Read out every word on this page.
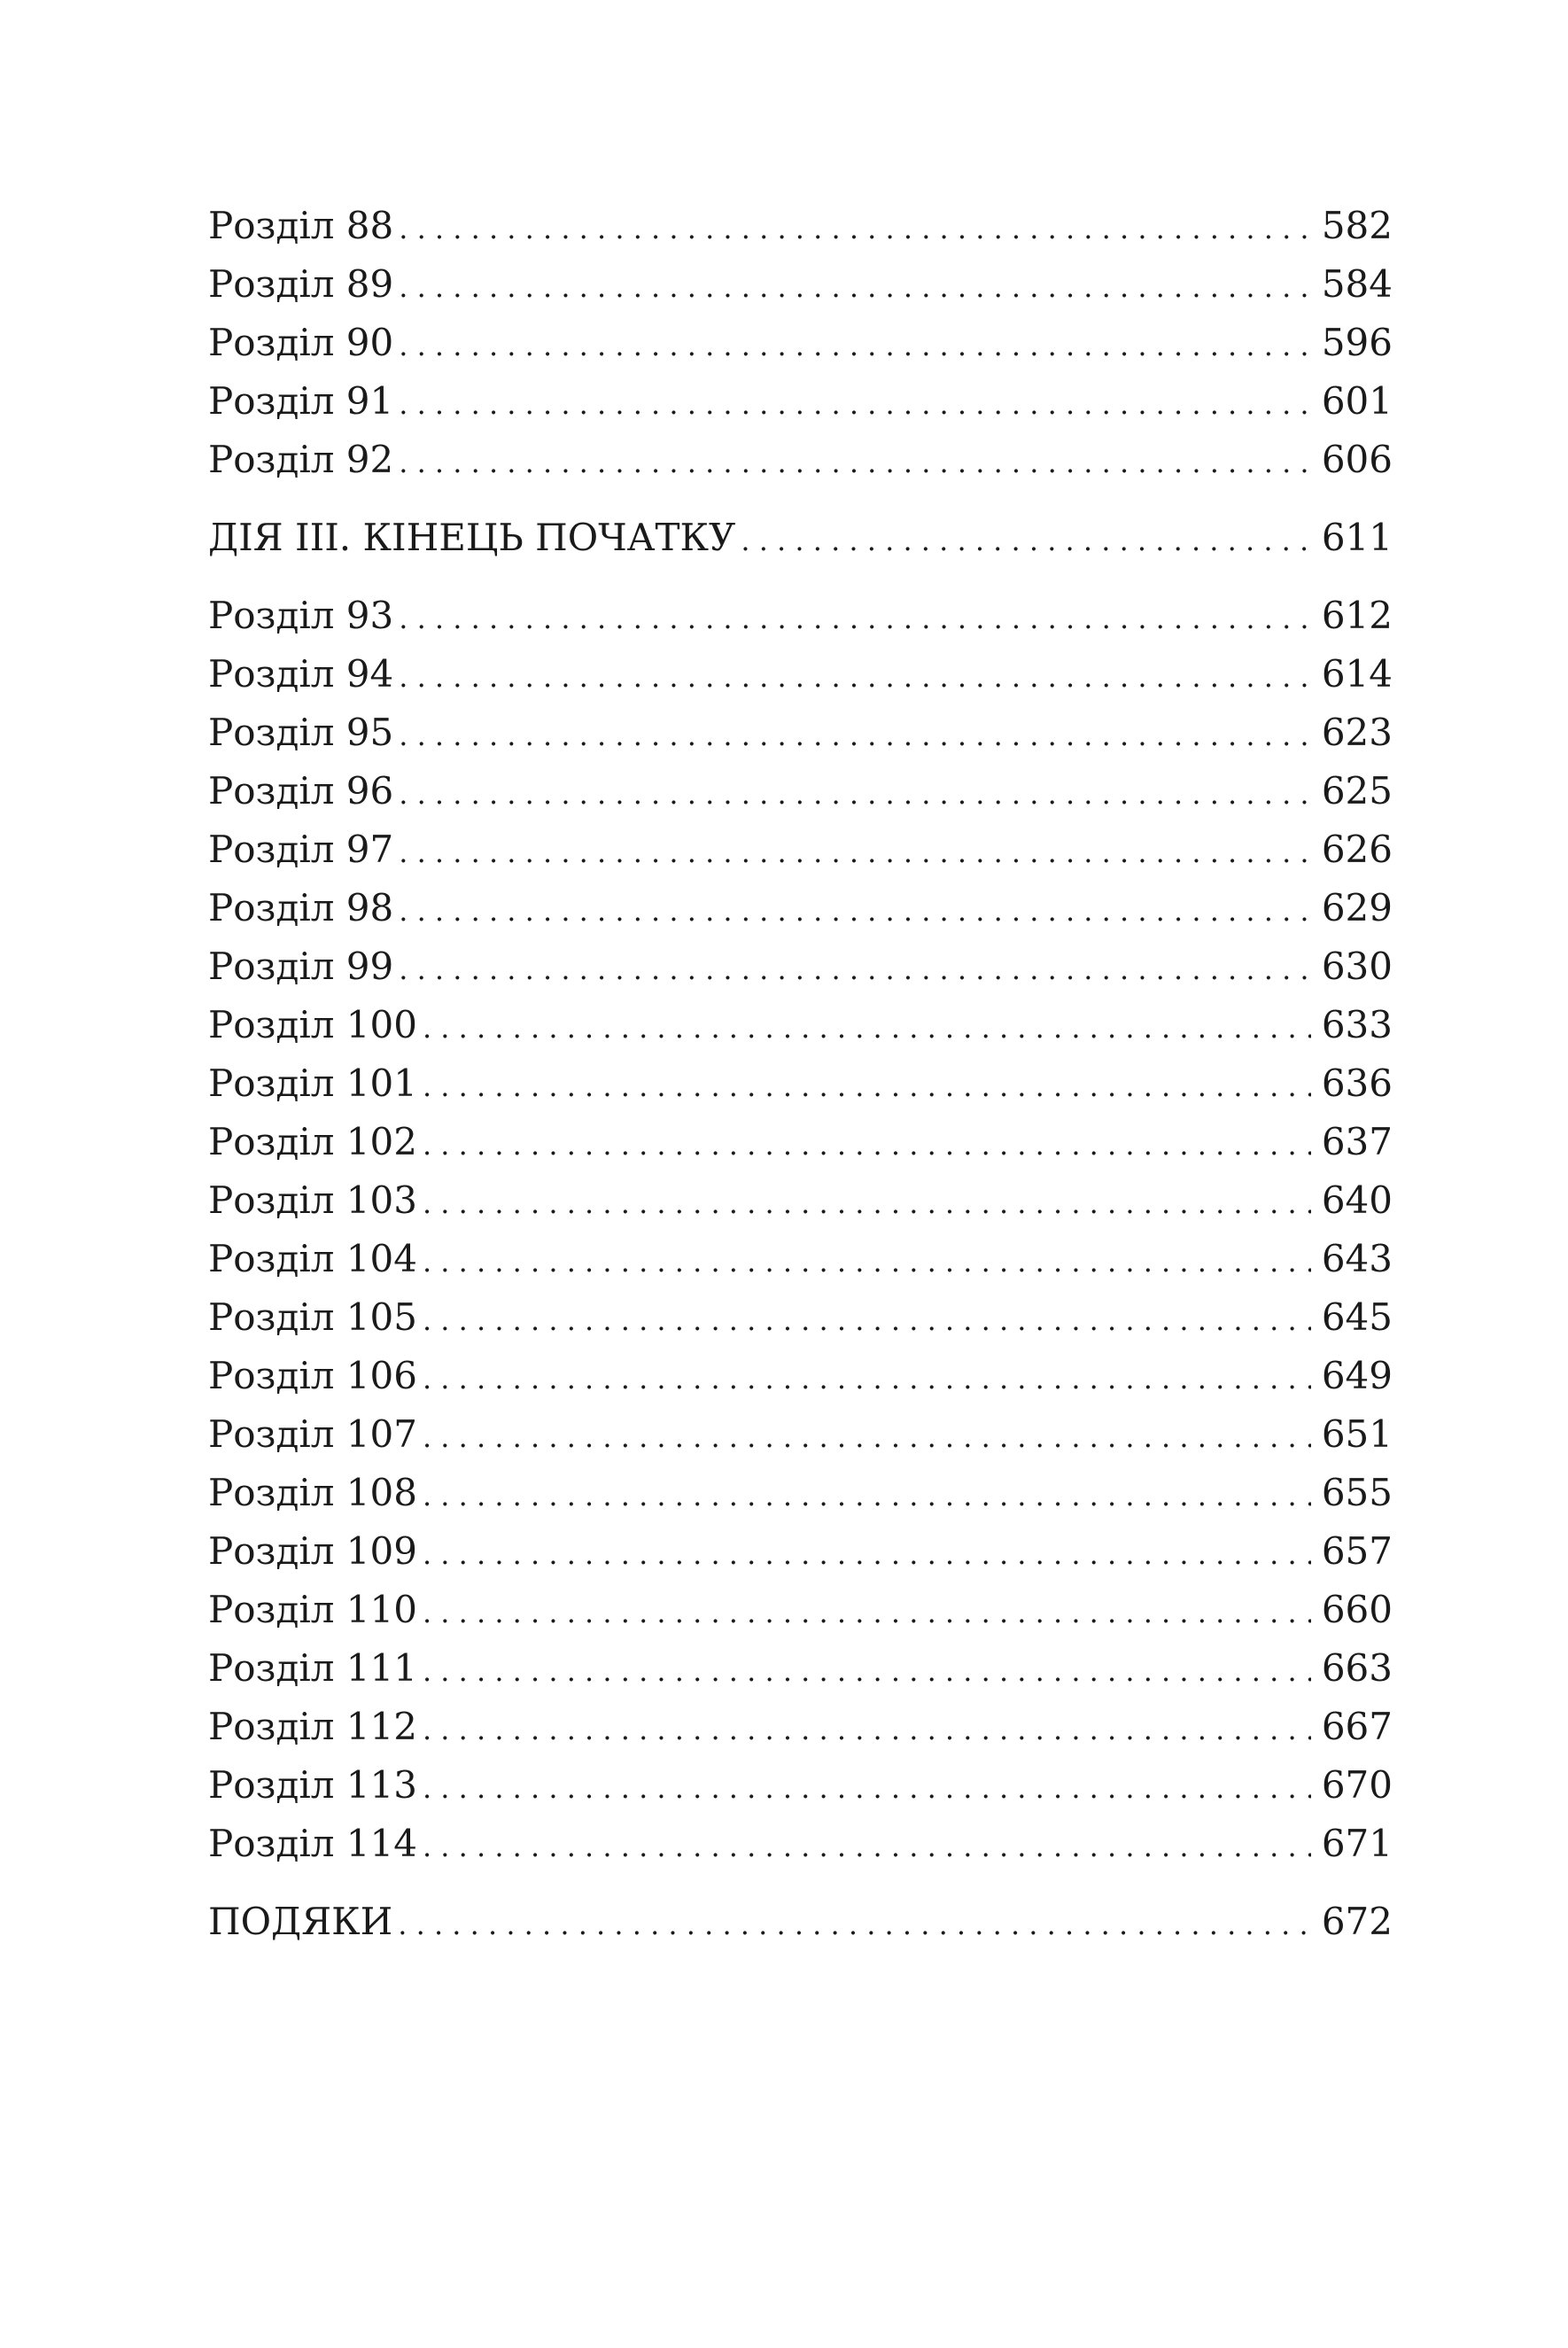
Розділ 88 . . .	582
Розділ 89 . . .	584
Розділ 90 . . .	596
Розділ 91 . . .	601
Розділ 92 . . .	606
ДІЯ III. КІНЕЦЬ ПОЧАТКУ . . .	611
Розділ 93 . . .	612
Розділ 94 . . .	614
Розділ 95 . . .	623
Розділ 96 . . .	625
Розділ 97 . . .	626
Розділ 98 . . .	629
Розділ 99 . . .	630
Розділ 100 . . .	633
Розділ 101 . . .	636
Розділ 102 . . .	637
Розділ 103 . . .	640
Розділ 104 . . .	643
Розділ 105 . . .	645
Розділ 106 . . .	649
Розділ 107 . . .	651
Розділ 108 . . .	655
Розділ 109 . . .	657
Розділ 110 . . .	660
Розділ 111 . . .	663
Розділ 112 . . .	667
Розділ 113 . . .	670
Розділ 114 . . .	671
ПОДЯКИ . . .	672
